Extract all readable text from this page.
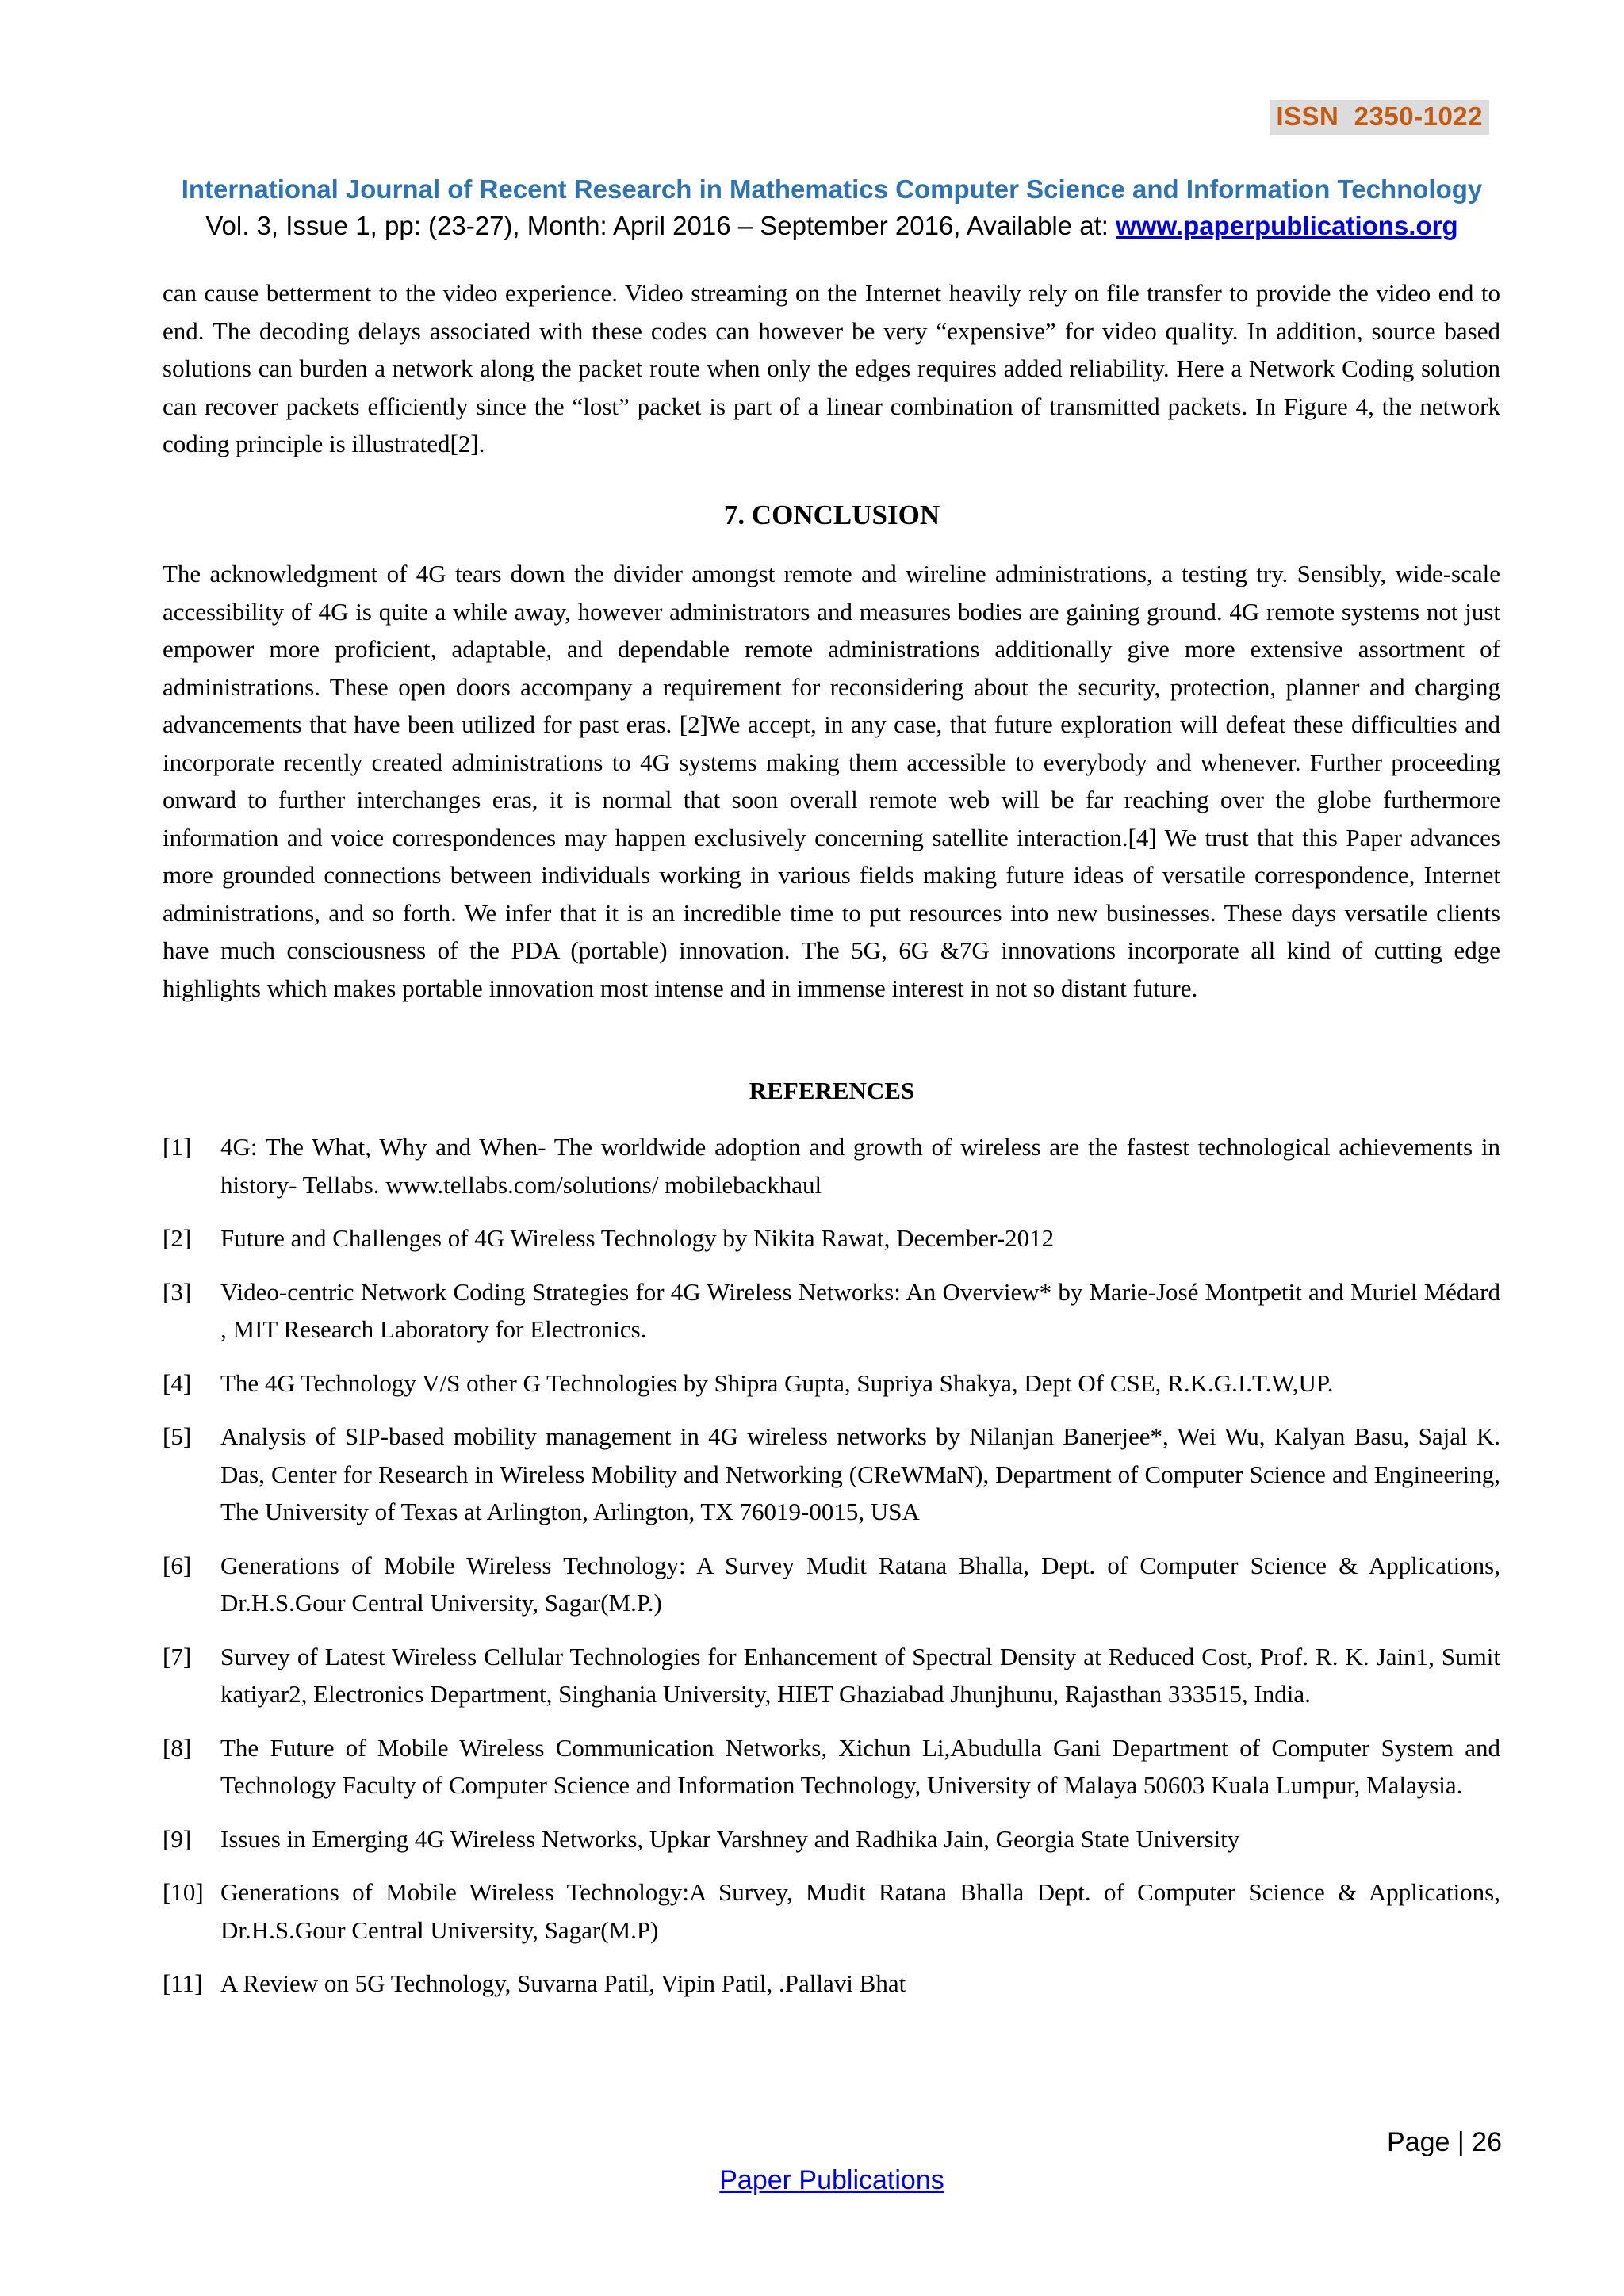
ISSN  2350-1022
International Journal of Recent Research in Mathematics Computer Science and Information Technology
Vol. 3, Issue 1, pp: (23-27), Month: April 2016 – September 2016, Available at: www.paperpublications.org

can cause betterment to the video experience. Video streaming on the Internet heavily rely on file transfer to provide the video end to end. The decoding delays associated with these codes can however be very “expensive” for video quality. In addition, source based solutions can burden a network along the packet route when only the edges requires added reliability. Here a Network Coding solution can recover packets efficiently since the “lost” packet is part of a linear combination of transmitted packets. In Figure 4, the network coding principle is illustrated[2].

7. CONCLUSION

The acknowledgment of 4G tears down the divider amongst remote and wireline administrations, a testing try. Sensibly, wide-scale accessibility of 4G is quite a while away, however administrators and measures bodies are gaining ground. 4G remote systems not just empower more proficient, adaptable, and dependable remote administrations additionally give more extensive assortment of administrations. These open doors accompany a requirement for reconsidering about the security, protection, planner and charging advancements that have been utilized for past eras. [2]We accept, in any case, that future exploration will defeat these difficulties and incorporate recently created administrations to 4G systems making them accessible to everybody and whenever. Further proceeding onward to further interchanges eras, it is normal that soon overall remote web will be far reaching over the globe furthermore information and voice correspondences may happen exclusively concerning satellite interaction.[4] We trust that this Paper advances more grounded connections between individuals working in various fields making future ideas of versatile correspondence, Internet administrations, and so forth. We infer that it is an incredible time to put resources into new businesses. These days versatile clients have much consciousness of the PDA (portable) innovation. The 5G, 6G &7G innovations incorporate all kind of cutting edge highlights which makes portable innovation most intense and in immense interest in not so distant future.

REFERENCES
[1]	4G: The What, Why and When- The worldwide adoption and growth of wireless are the fastest technological achievements in history- Tellabs. www.tellabs.com/solutions/ mobilebackhaul
[2]	Future and Challenges of 4G Wireless Technology by Nikita Rawat, December-2012
[3]	Video-centric Network Coding Strategies for 4G Wireless Networks: An Overview* by Marie-José Montpetit and Muriel Médard , MIT Research Laboratory for Electronics.
[4]	The 4G Technology V/S other G Technologies by Shipra Gupta, Supriya Shakya, Dept Of CSE, R.K.G.I.T.W,UP.
[5]	Analysis of SIP-based mobility management in 4G wireless networks by Nilanjan Banerjee*, Wei Wu, Kalyan Basu, Sajal K. Das, Center for Research in Wireless Mobility and Networking (CReWMaN), Department of Computer Science and Engineering, The University of Texas at Arlington, Arlington, TX 76019-0015, USA
[6]	Generations of Mobile Wireless Technology: A Survey Mudit Ratana Bhalla, Dept. of Computer Science & Applications, Dr.H.S.Gour Central University, Sagar(M.P.)
[7]	Survey of Latest Wireless Cellular Technologies for Enhancement of Spectral Density at Reduced Cost, Prof. R. K. Jain1, Sumit katiyar2, Electronics Department, Singhania University, HIET Ghaziabad Jhunjhunu, Rajasthan 333515, India.
[8]	The Future of Mobile Wireless Communication Networks, Xichun Li,Abudulla Gani Department of Computer System and Technology Faculty of Computer Science and Information Technology, University of Malaya 50603 Kuala Lumpur, Malaysia.
[9]	Issues in Emerging 4G Wireless Networks, Upkar Varshney and Radhika Jain, Georgia State University
[10] Generations of Mobile Wireless Technology:A Survey, Mudit Ratana Bhalla Dept. of Computer Science & Applications, Dr.H.S.Gour Central University, Sagar(M.P)
[11] A Review on 5G Technology, Suvarna Patil, Vipin Patil, .Pallavi Bhat
Page | 26
Paper Publications
